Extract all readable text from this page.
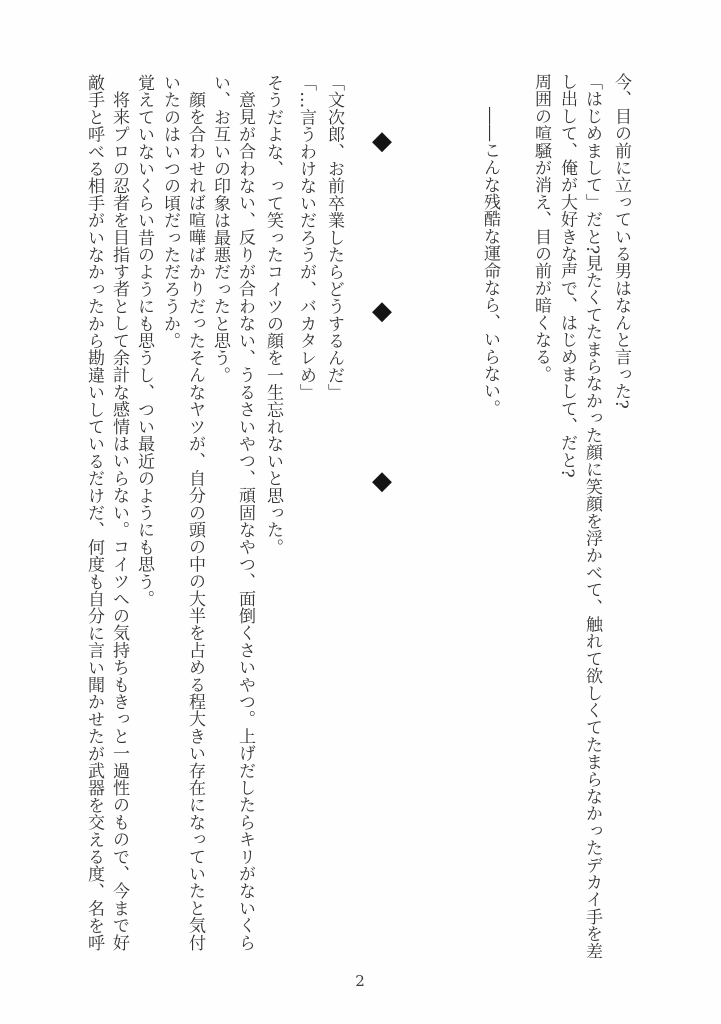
今、目の前に立っている男はなんと言った?
「はじめまして」だと?見たくてたまらなかった顔に笑顔を浮かべて、触れて欲しくてたまらなかったデカイ手を差
し出して、俺が大好きな声で、はじめまして、だと?
周囲の喧騒が消え、目の前が暗くなる。
――こんな残酷な運命なら、いらない。
◆
◆
◆
「文次郎、お前卒業したらどうするんだ」
「…言うわけないだろうが、バカタレめ」
そうだよな、って笑ったコイツの顔を一生忘れないと思った。
意見が合わない、反りが合わない、うるさいやつ、頑固なやつ、面倒くさいやつ。上げだしたらキリがないくら
い、お互いの印象は最悪だったと思う。
顔を合わせれば喧嘩ばかりだったそんなヤツが、自分の頭の中の大半を占める程大きい存在になっていたと気付
いたのはいつの頃だっただろうか。
覚えていないくらい昔のようにも思うし、つい最近のようにも思う。
将来プロの忍者を目指す者として余計な感情はいらない。コイツへの気持ちもきっと一過性のもので、今まで好
敵手と呼べる相手がいなかったから勘違いしているだけだ、何度も自分に言い聞かせたが武器を交える度、名を呼
2
